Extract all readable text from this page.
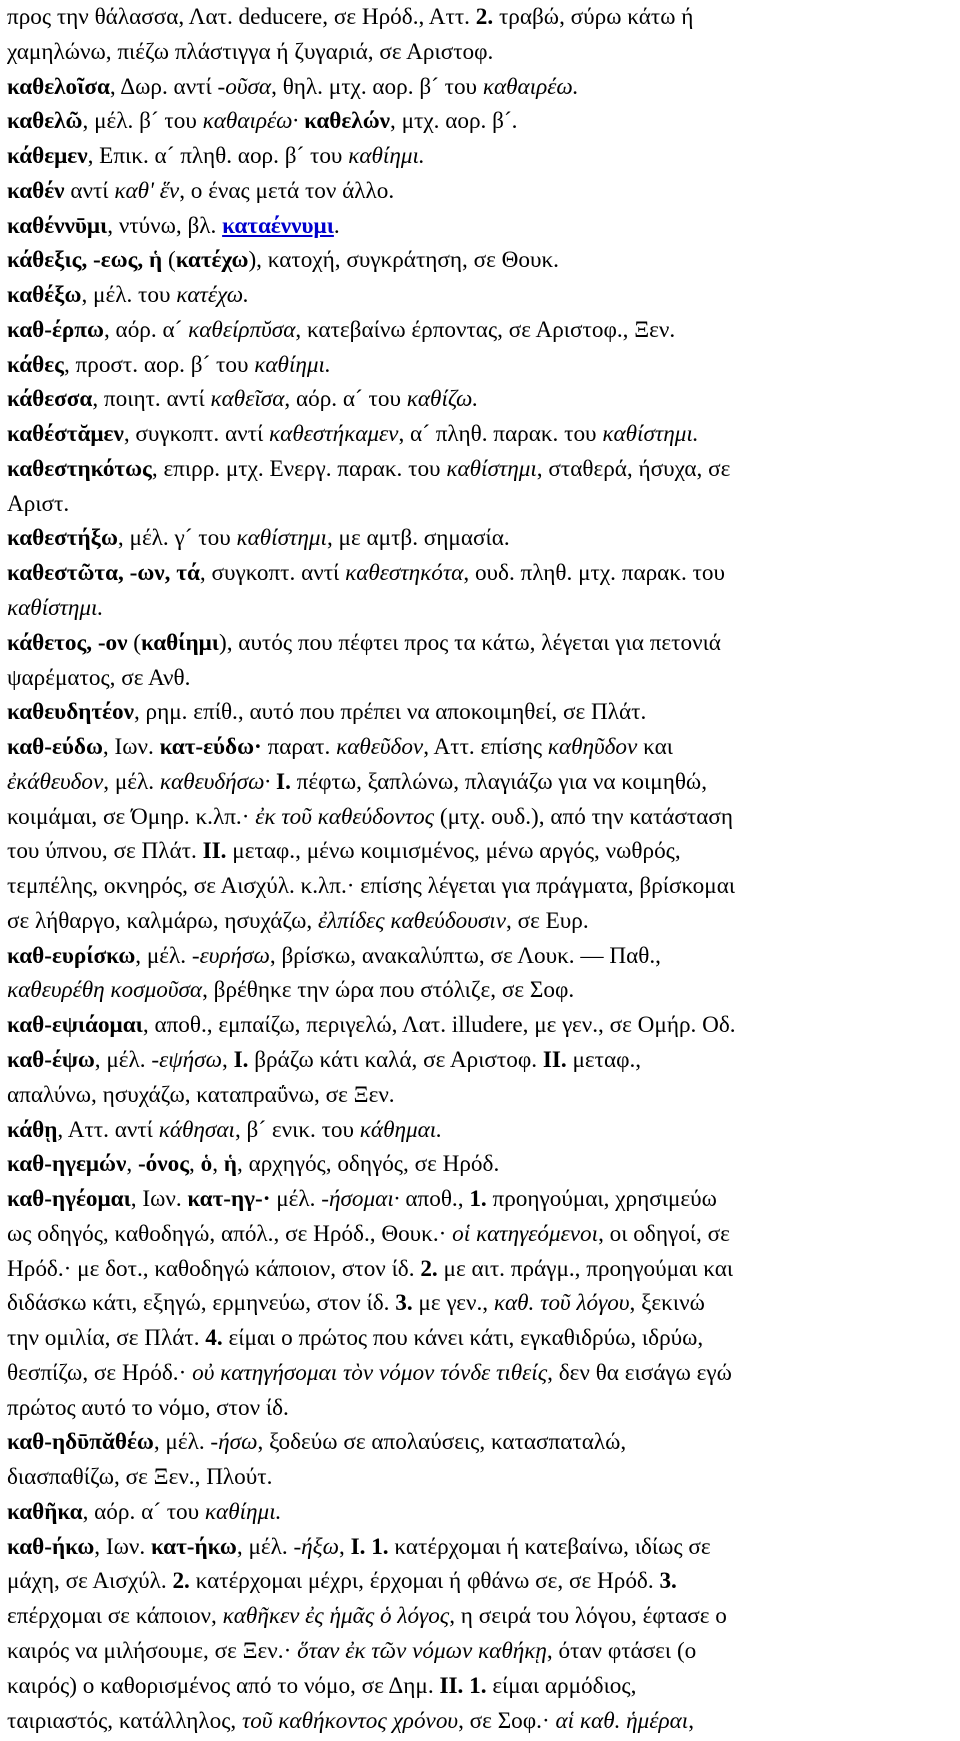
προς την θάλασσα, Λατ. deducere, σε Ηρόδ., Αττ. 2. τραβώ, σύρω κάτω ή
χαμηλώνω, πιέζω πλάστιγγα ή ζυγαριά, σε Αριστοφ.
καθελοῖσα, Δωρ. αντί -οῦσα, θηλ. μτχ. αορ. β´ του καθαιρέω.
καθελῶ, μέλ. β´ του καθαιρέω· καθελών, μτχ. αορ. β´.
κάθεμεν, Επικ. α´ πληθ. αορ. β´ του καθίημι.
καθέν αντί καθ' ἕν, ο ένας μετά τον άλλο.
καθέννῡμι, ντύνω, βλ. καταέννυμι.
κάθεξις, -εως, ἡ (κατέχω), κατοχή, συγκράτηση, σε Θουκ.
καθέξω, μέλ. του κατέχω.
καθ-έρπω, αόρ. α´ καθείρπῠσα, κατεβαίνω έρποντας, σε Αριστοφ., Ξεν.
κάθες, προστ. αορ. β´ του καθίημι.
κάθεσσα, ποιητ. αντί καθεῖσα, αόρ. α´ του καθίζω.
καθέστᾰμεν, συγκοπτ. αντί καθεστήκαμεν, α´ πληθ. παρακ. του καθίστημι.
καθεστηκότως, επιρρ. μτχ. Ενεργ. παρακ. του καθίστημι, σταθερά, ήσυχα, σε
Αριστ.
καθεστήξω, μέλ. γ´ του καθίστημι, με αμτβ. σημασία.
καθεστῶτα, -ων, τά, συγκοπτ. αντί καθεστηκότα, ουδ. πληθ. μτχ. παρακ. του
καθίστημι.
κάθετος, -ον (καθίημι), αυτός που πέφτει προς τα κάτω, λέγεται για πετονιά
ψαρέματος, σε Ανθ.
καθευδητέον, ρημ. επίθ., αυτό που πρέπει να αποκοιμηθεί, σε Πλάτ.
καθ-εύδω, Ιων. κατ-εύδω· παρατ. καθεῦδον, Αττ. επίσης καθηῦδον και
ἐκάθευδον, μέλ. καθευδήσω· I. πέφτω, ξαπλώνω, πλαγιάζω για να κοιμηθώ,
κοιμάμαι, σε Όμηρ. κ.λπ.· ἐκ τοῦ καθεύδοντος (μτχ. ουδ.), από την κατάσταση
του ύπνου, σε Πλάτ. II. μεταφ., μένω κοιμισμένος, μένω αργός, νωθρός,
τεμπέλης, οκνηρός, σε Αισχύλ. κ.λπ.· επίσης λέγεται για πράγματα, βρίσκομαι
σε λήθαργο, καλμάρω, ησυχάζω, ἐλπίδες καθεύδουσιν, σε Ευρ.
καθ-ευρίσκω, μέλ. -ευρήσω, βρίσκω, ανακαλύπτω, σε Λουκ. — Παθ.,
καθευρέθη κοσμοῦσα, βρέθηκε την ώρα που στόλιζε, σε Σοφ.
καθ-εψιάομαι, αποθ., εμπαίζω, περιγελώ, Λατ. illudere, με γεν., σε Ομήρ. Οδ.
καθ-έψω, μέλ. -εψήσω, I. βράζω κάτι καλά, σε Αριστοφ. II. μεταφ.,
απαλύνω, ησυχάζω, καταπραΰνω, σε Ξεν.
κάθῃ, Αττ. αντί κάθησαι, β´ ενικ. του κάθημαι.
καθ-ηγεμών, -όνος, ὁ, ἡ, αρχηγός, οδηγός, σε Ηρόδ.
καθ-ηγέομαι, Ιων. κατ-ηγ-· μέλ. -ήσομαι· αποθ., 1. προηγούμαι, χρησιμεύω
ως οδηγός, καθοδηγώ, απόλ., σε Ηρόδ., Θουκ.· οἱ κατηγεόμενοι, οι οδηγοί, σε
Ηρόδ.· με δοτ., καθοδηγώ κάποιον, στον ίδ. 2. με αιτ. πράγμ., προηγούμαι και
διδάσκω κάτι, εξηγώ, ερμηνεύω, στον ίδ. 3. με γεν., καθ. τοῦ λόγου, ξεκινώ
την ομιλία, σε Πλάτ. 4. είμαι ο πρώτος που κάνει κάτι, εγκαθιδρύω, ιδρύω,
θεσπίζω, σε Ηρόδ.· οὐ κατηγήσομαι τὸν νόμον τόνδε τιθείς, δεν θα εισάγω εγώ
πρώτος αυτό το νόμο, στον ίδ.
καθ-ηδῡπᾰθέω, μέλ. -ήσω, ξοδεύω σε απολαύσεις, κατασπαταλώ,
διασπαθίζω, σε Ξεν., Πλούτ.
καθῆκα, αόρ. α´ του καθίημι.
καθ-ήκω, Ιων. κατ-ήκω, μέλ. -ήξω, I. 1. κατέρχομαι ή κατεβαίνω, ιδίως σε
μάχη, σε Αισχύλ. 2. κατέρχομαι μέχρι, έρχομαι ή φθάνω σε, σε Ηρόδ. 3.
επέρχομαι σε κάποιον, καθῆκεν ἐς ἡμᾶς ὁ λόγος, η σειρά του λόγου, έφτασε ο
καιρός να μιλήσουμε, σε Ξεν.· ὅταν ἐκ τῶν νόμων καθήκῃ, όταν φτάσει (ο
καιρός) ο καθορισμένος από το νόμο, σε Δημ. II. 1. είμαι αρμόδιος,
ταιριαστός, κατάλληλος, τοῦ καθήκοντος χρόνου, σε Σοφ.· αἱ καθ. ἡμέραι,
